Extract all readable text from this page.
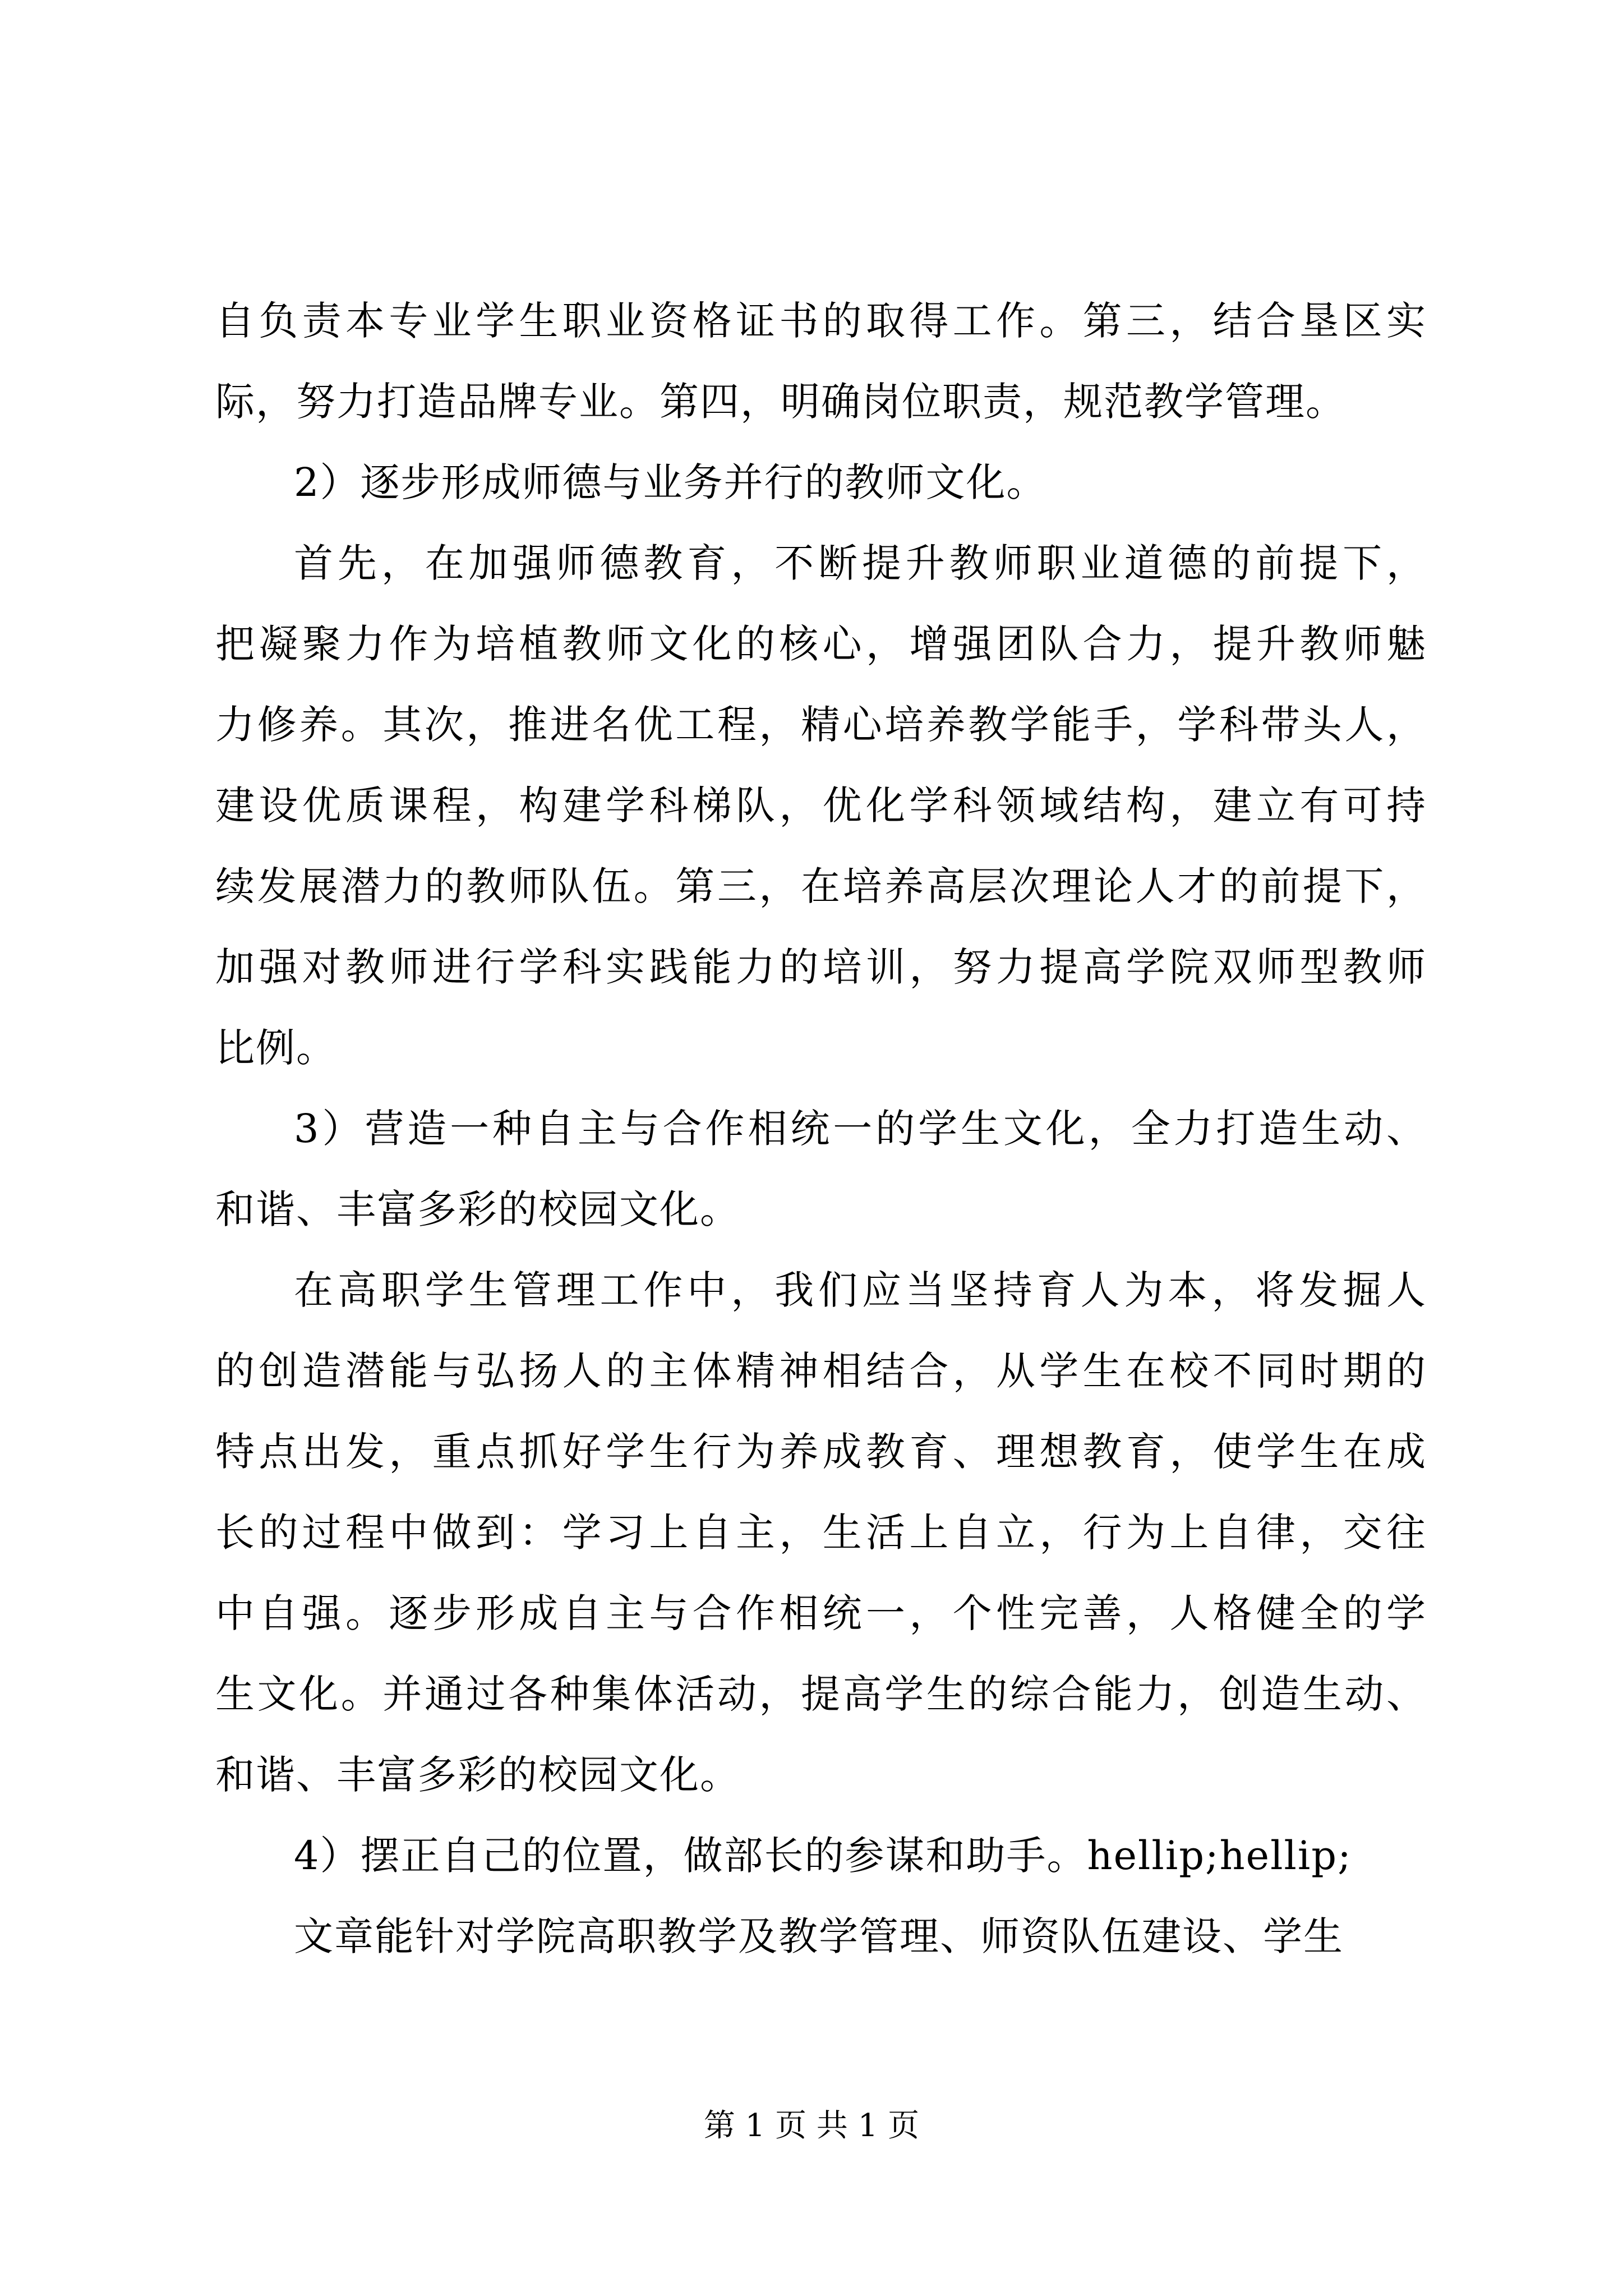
自负责本专业学生职业资格证书的取得工作。第三，结合垦区实
际，努力打造品牌专业。第四，明确岗位职责，规范教学管理。

2）逐步形成师德与业务并行的教师文化。

首先，在加强师德教育，不断提升教师职业道德的前提下，
把凝聚力作为培植教师文化的核心，增强团队合力，提升教师魅
力修养。其次，推进名优工程，精心培养教学能手，学科带头人，
建设优质课程，构建学科梯队，优化学科领域结构，建立有可持
续发展潜力的教师队伍。第三，在培养高层次理论人才的前提下，
加强对教师进行学科实践能力的培训，努力提高学院双师型教师
比例。

3）营造一种自主与合作相统一的学生文化，全力打造生动、
和谐、丰富多彩的校园文化。

在高职学生管理工作中，我们应当坚持育人为本，将发掘人
的创造潜能与弘扬人的主体精神相结合，从学生在校不同时期的
特点出发，重点抓好学生行为养成教育、理想教育，使学生在成
长的过程中做到：学习上自主，生活上自立，行为上自律，交往
中自强。逐步形成自主与合作相统一，个性完善，人格健全的学
生文化。并通过各种集体活动，提高学生的综合能力，创造生动、
和谐、丰富多彩的校园文化。

4）摆正自己的位置，做部长的参谋和助手。hellip;hellip;

文章能针对学院高职教学及教学管理、师资队伍建设、学生

第 1 页 共 1 页
